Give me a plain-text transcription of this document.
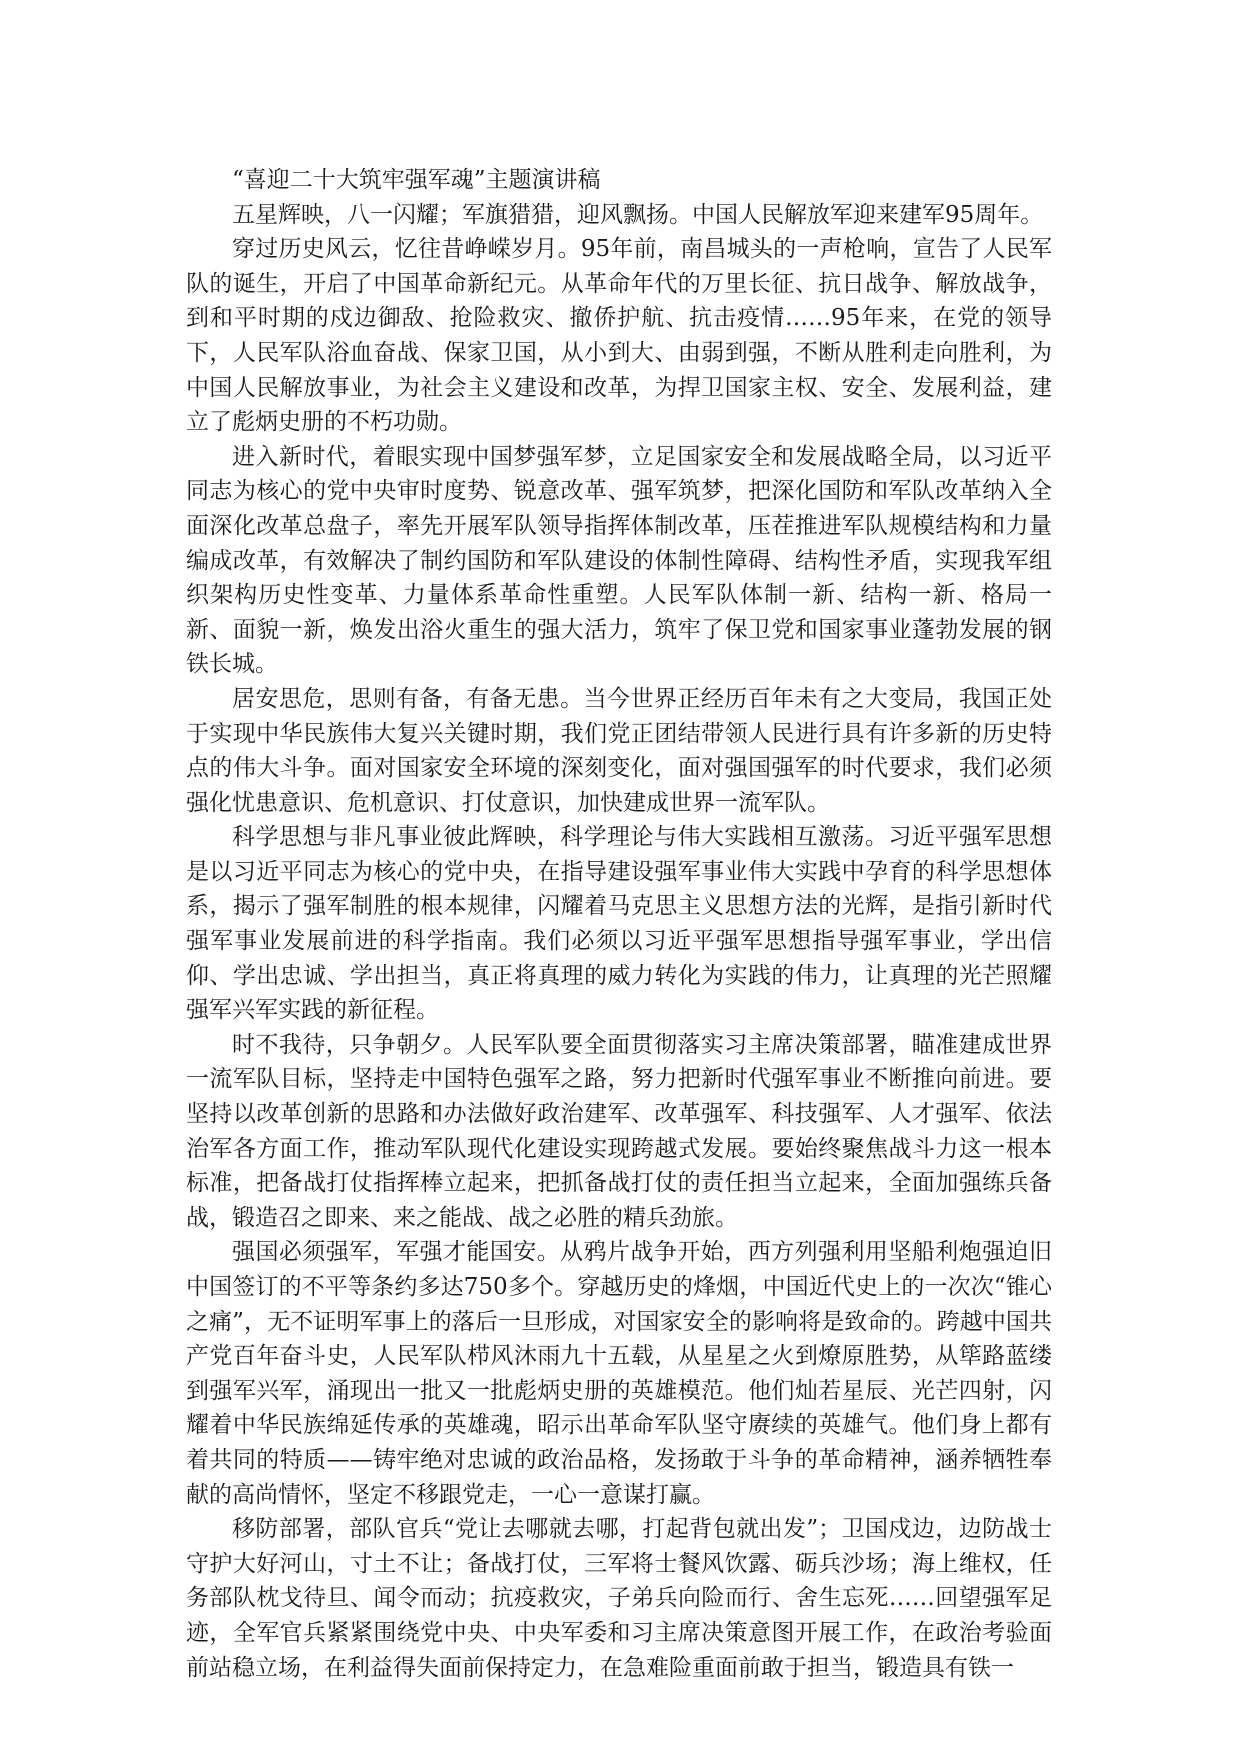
“喜迎二十大筑牢强军魂”主题演讲稿

五星辉映，八一闪耀；军旗猎猎，迎风飘扬。中国人民解放军迎来建军95周年。

穿过历史风云，忆往昔峥嵘岁月。95年前，南昌城头的一声枪响，宣告了人民军队的诞生，开启了中国革命新纪元。从革命年代的万里长征、抗日战争、解放战争，到和平时期的戍边御敌、抢险救灾、撤侨护航、抗击疫情……95年来，在党的领导下，人民军队浴血奋战、保家卫国，从小到大、由弱到强，不断从胜利走向胜利，为中国人民解放事业，为社会主义建设和改革，为捍卫国家主权、安全、发展利益，建立了彪炳史册的不朽功勋。

进入新时代，着眼实现中国梦强军梦，立足国家安全和发展战略全局，以习近平同志为核心的党中央审时度势、锐意改革、强军筑梦，把深化国防和军队改革纳入全面深化改革总盘子，率先开展军队领导指挥体制改革，压茬推进军队规模结构和力量编成改革，有效解决了制约国防和军队建设的体制性障碍、结构性矛盾，实现我军组织架构历史性变革、力量体系革命性重塑。人民军队体制一新、结构一新、格局一新、面貌一新，焕发出浴火重生的强大活力，筑牢了保卫党和国家事业蓬勃发展的钢铁长城。

居安思危，思则有备，有备无患。当今世界正经历百年未有之大变局，我国正处于实现中华民族伟大复兴关键时期，我们党正团结带领人民进行具有许多新的历史特点的伟大斗争。面对国家安全环境的深刻变化，面对强国强军的时代要求，我们必须强化忧患意识、危机意识、打仗意识，加快建成世界一流军队。

科学思想与非凡事业彼此辉映，科学理论与伟大实践相互激荡。习近平强军思想是以习近平同志为核心的党中央，在指导建设强军事业伟大实践中孕育的科学思想体系，揭示了强军制胜的根本规律，闪耀着马克思主义思想方法的光辉，是指引新时代强军事业发展前进的科学指南。我们必须以习近平强军思想指导强军事业，学出信仰、学出忠诚、学出担当，真正将真理的威力转化为实践的伟力，让真理的光芒照耀强军兴军实践的新征程。

时不我待，只争朝夕。人民军队要全面贯彻落实习主席决策部署，瞄准建成世界一流军队目标，坚持走中国特色强军之路，努力把新时代强军事业不断推向前进。要坚持以改革创新的思路和办法做好政治建军、改革强军、科技强军、人才强军、依法治军各方面工作，推动军队现代化建设实现跨越式发展。要始终聚焦战斗力这一根本标准，把备战打仗指挥棒立起来，把抓备战打仗的责任担当立起来，全面加强练兵备战，锻造召之即来、来之能战、战之必胜的精兵劲旅。

强国必须强军，军强才能国安。从鸦片战争开始，西方列强利用坚船利炮强迫旧中国签订的不平等条约多达750多个。穿越历史的烽烟，中国近代史上的一次次“锥心之痛”，无不证明军事上的落后一旦形成，对国家安全的影响将是致命的。跨越中国共产党百年奋斗史，人民军队栉风沐雨九十五载，从星星之火到燎原胜势，从筚路蓝缕到强军兴军，涌现出一批又一批彪炳史册的英雄模范。他们灿若星辰、光芒四射，闪耀着中华民族绵延传承的英雄魂，昭示出革命军队坚守赓续的英雄气。他们身上都有着共同的特质——铸牢绝对忠诚的政治品格，发扬敢于斗争的革命精神，涵养牺牲奉献的高尚情怀，坚定不移跟党走，一心一意谋打赢。

移防部署，部队官兵“党让去哪就去哪，打起背包就出发”；卫国戍边，边防战士守护大好河山，寸土不让；备战打仗，三军将士餐风饮露、砺兵沙场；海上维权，任务部队枕戈待旦、闻令而动；抗疫救灾，子弟兵向险而行、舍生忘死……回望强军足迹，全军官兵紧紧围绕党中央、中央军委和习主席决策意图开展工作，在政治考验面前站稳立场，在利益得失面前保持定力，在急难险重面前敢于担当，锻造具有铁一
